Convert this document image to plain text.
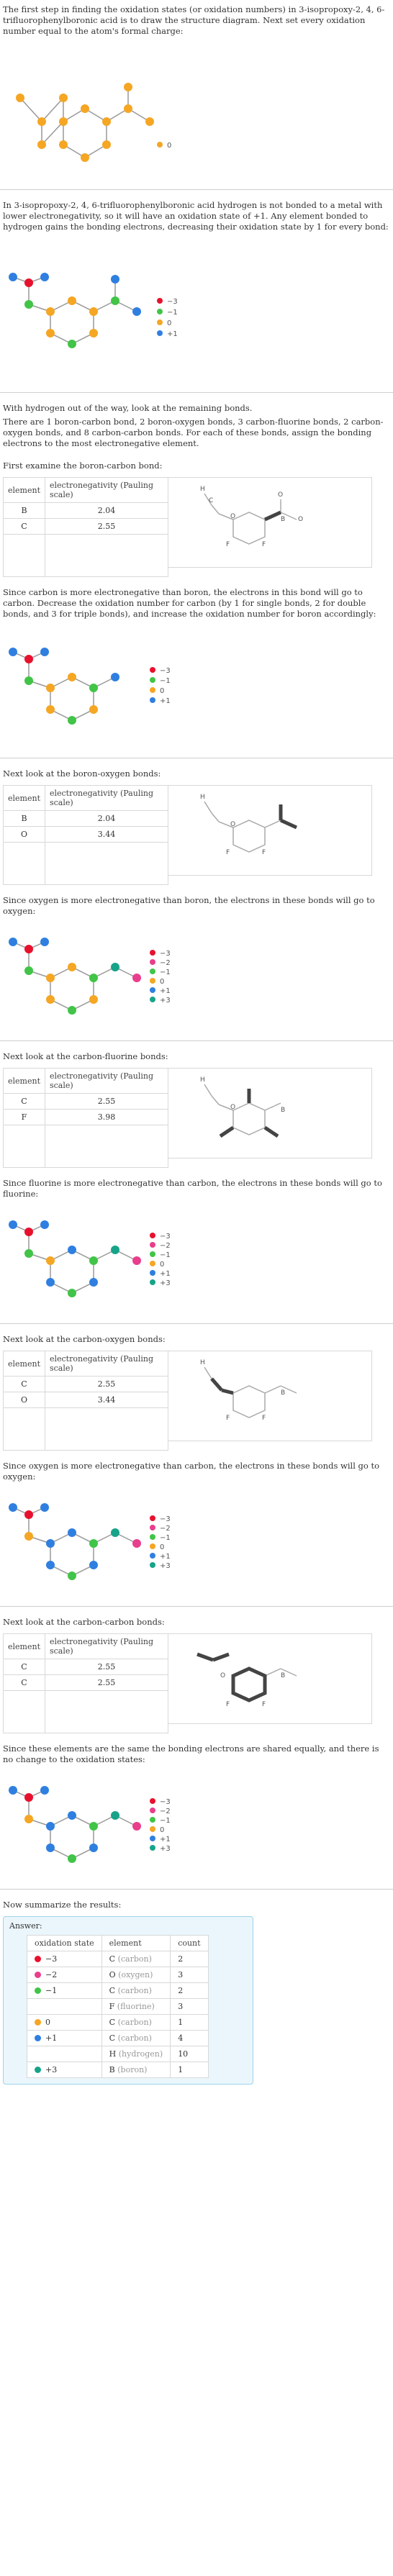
The first step in finding the oxidation states (or oxidation numbers) in 3-isopropoxy-2, 4, 6-trifluorophenylboronic acid is to draw the structure diagram. Next set every oxidation number equal to the atom's formal charge:

0

In 3-isopropoxy-2, 4, 6-trifluorophenylboronic acid hydrogen is not bonded to a metal with lower electronegativity, so it will have an oxidation state of +1. Any element bonded to hydrogen gains the bonding electrons, decreasing their oxidation state by 1 for every bond:

−3
−1
0
+1

With hydrogen out of the way, look at the remaining bonds.

There are 1 boron-carbon bond, 2 boron-oxygen bonds, 3 carbon-fluorine bonds, 2 carbon-oxygen bonds, and 8 carbon-carbon bonds. For each of these bonds, assign the bonding electrons to the most electronegative element.

First examine the boron-carbon bond:

element	electronegativity (Pauling scale)
B	2.04
C	2.55

H
C
O	B O
O
F	F

Since carbon is more electronegative than boron, the electrons in this bond will go to carbon. Decrease the oxidation number for carbon (by 1 for single bonds, 2 for double bonds, and 3 for triple bonds), and increase the oxidation number for boron accordingly:

−3
−1
0
+1

Next look at the boron-oxygen bonds:

element	electronegativity (Pauling scale)
B	2.04
O	3.44

H
O
F	F

Since oxygen is more electronegative than boron, the electrons in these bonds will go to oxygen:

−3
−2
−1
0
+1
+3

Next look at the carbon-fluorine bonds:

element	electronegativity (Pauling scale)
C	2.55
F	3.98

H
O	B

Since fluorine is more electronegative than carbon, the electrons in these bonds will go to fluorine:

−3
−2
−1
0
+1
+3

Next look at the carbon-oxygen bonds:

element	electronegativity (Pauling scale)
C	2.55
O	3.44

H
B
F	F

Since oxygen is more electronegative than carbon, the electrons in these bonds will go to oxygen:

−3
−2
−1
0
+1
+3

Next look at the carbon-carbon bonds:

element	electronegativity (Pauling scale)
C	2.55
C	2.55

O	B
F	F

Since these elements are the same the bonding electrons are shared equally, and there is no change to the oxidation states:

−3
−2
−1
0
+1
+3

Now summarize the results:

Answer:
oxidation state	element	count
−3	C (carbon)	2
−2	O (oxygen)	3
−1	C (carbon)	2
	F (fluorine)	3
0	C (carbon)	1
+1	C (carbon)	4
	H (hydrogen)	10
+3	B (boron)	1
